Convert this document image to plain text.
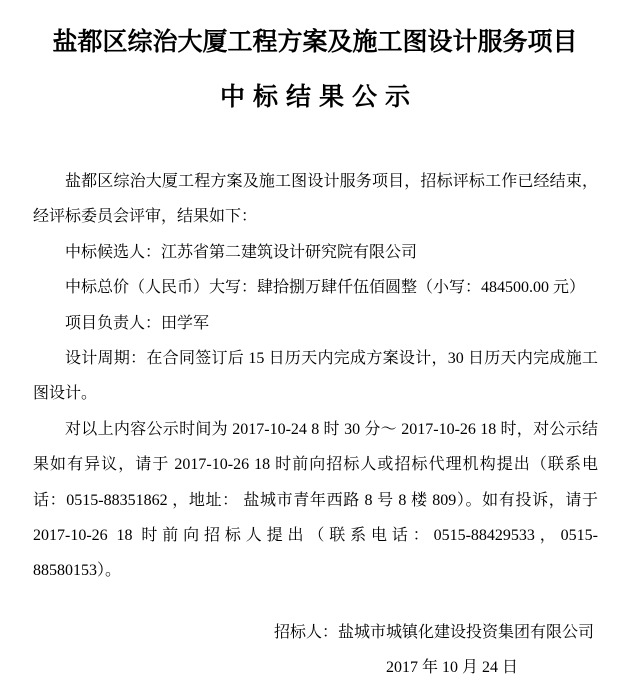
盐都区综治大厦工程方案及施工图设计服务项目
中标结果公示

盐都区综治大厦工程方案及施工图设计服务项目，招标评标工作已经结束，经评标委员会评审，结果如下：

中标候选人：江苏省第二建筑设计研究院有限公司

中标总价（人民币）大写：肆拾捌万肆仟伍佰圆整（小写：484500.00 元）

项目负责人：田学军

设计周期：在合同签订后 15 日历天内完成方案设计，30 日历天内完成施工图设计。

对以上内容公示时间为 2017-10-24 8 时 30 分～ 2017-10-26 18 时，对公示结果如有异议，请于 2017-10-26 18 时前向招标人或招标代理机构提出（联系电话：0515-88351862 ，地址： 盐城市青年西路 8 号 8 楼 809）。如有投诉，请于 2017-10-26 18 时前向招标人提出（联系电话：0515-88429533，0515-88580153）。

招标人：盐城市城镇化建设投资集团有限公司

2017 年 10 月 24 日
